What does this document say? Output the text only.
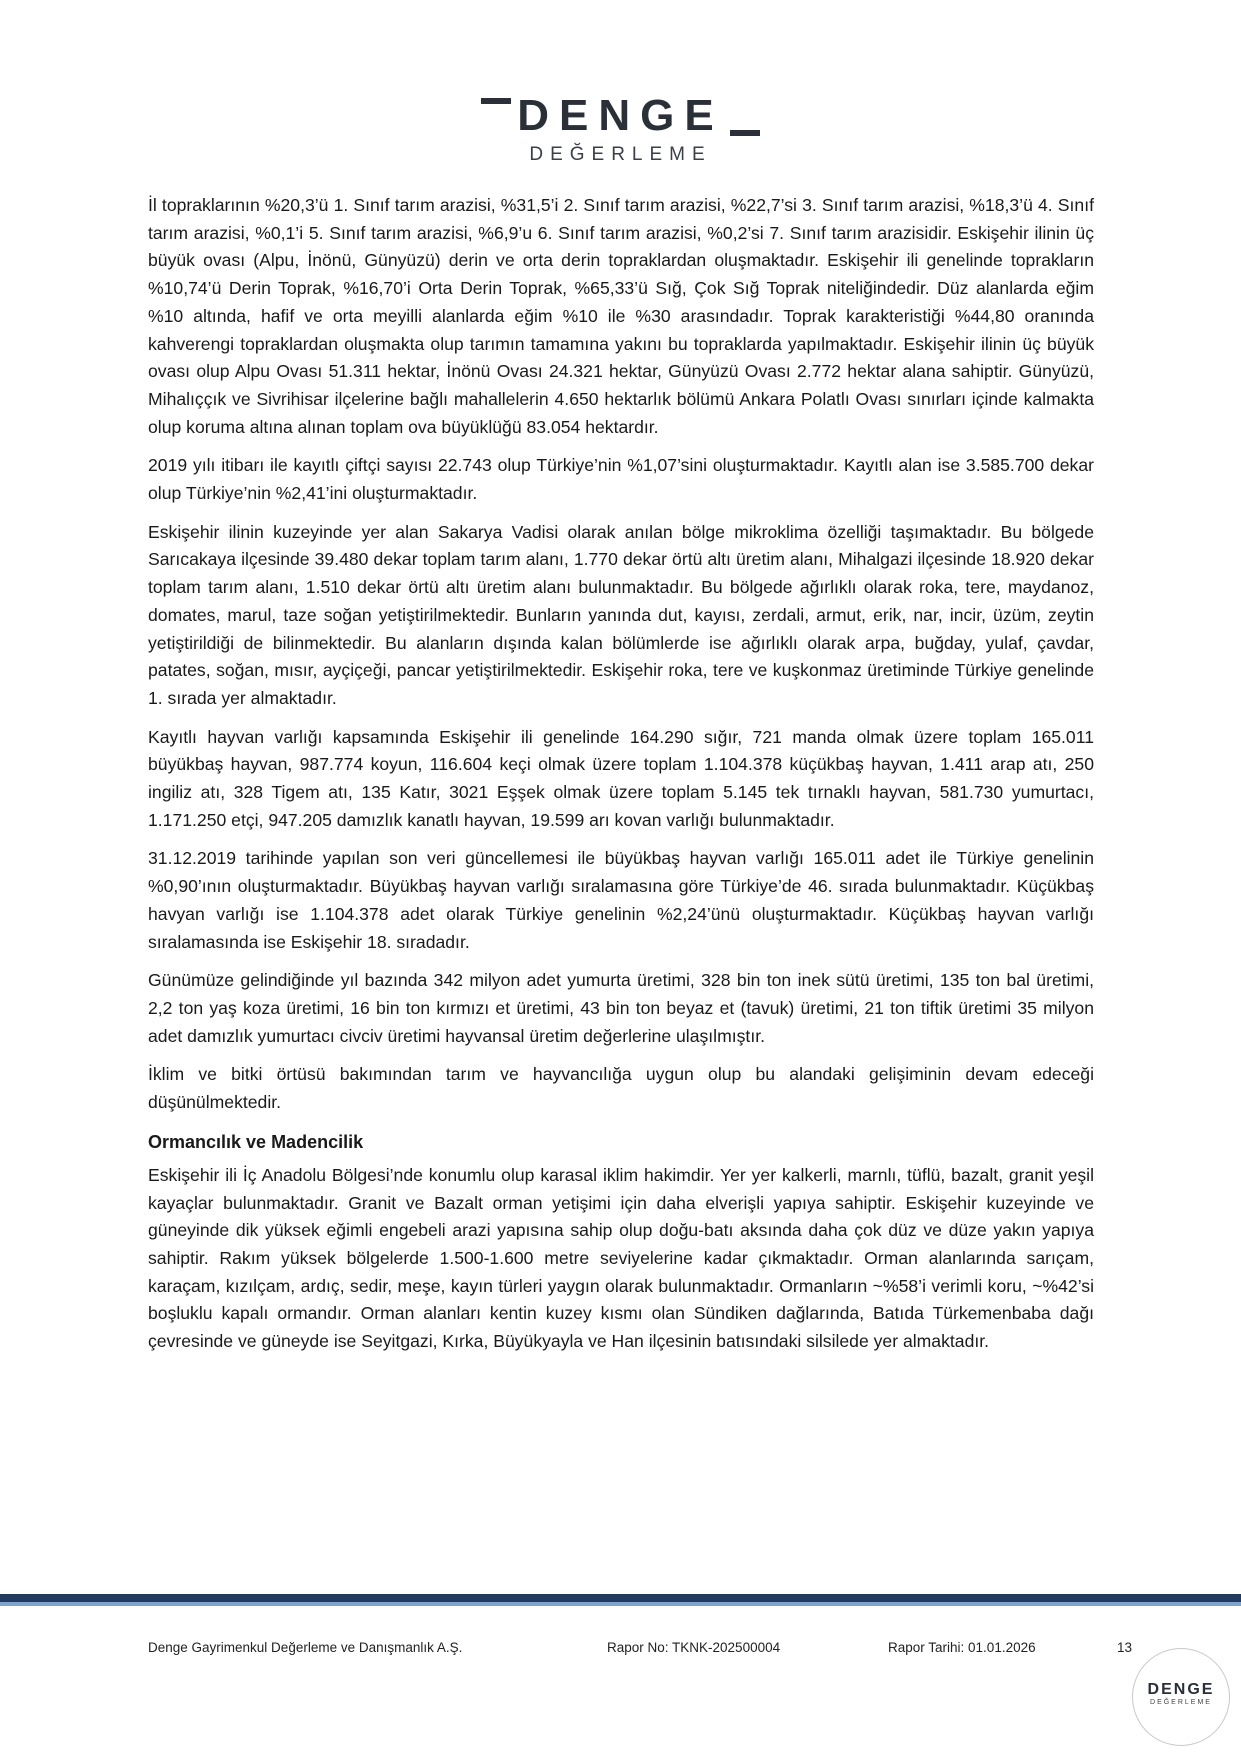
DENGE
DEĞERLEME

İl topraklarının %20,3’ü 1. Sınıf tarım arazisi, %31,5’i 2. Sınıf tarım arazisi, %22,7’si 3. Sınıf tarım arazisi, %18,3’ü 4. Sınıf tarım arazisi, %0,1’i 5. Sınıf tarım arazisi, %6,9’u 6. Sınıf tarım arazisi, %0,2’si 7. Sınıf tarım arazisidir. Eskişehir ilinin üç büyük ovası (Alpu, İnönü, Günyüzü) derin ve orta derin topraklardan oluşmaktadır. Eskişehir ili genelinde toprakların %10,74’ü Derin Toprak, %16,70’i Orta Derin Toprak, %65,33’ü Sığ, Çok Sığ Toprak niteliğindedir. Düz alanlarda eğim %10 altında, hafif ve orta meyilli alanlarda eğim %10 ile %30 arasındadır. Toprak karakteristiği %44,80 oranında kahverengi topraklardan oluşmakta olup tarımın tamamına yakını bu topraklarda yapılmaktadır. Eskişehir ilinin üç büyük ovası olup Alpu Ovası 51.311 hektar, İnönü Ovası 24.321 hektar, Günyüzü Ovası 2.772 hektar alana sahiptir. Günyüzü, Mihalıççık ve Sivrihisar ilçelerine bağlı mahallelerin 4.650 hektarlık bölümü Ankara Polatlı Ovası sınırları içinde kalmakta olup koruma altına alınan toplam ova büyüklüğü 83.054 hektardır.

2019 yılı itibarı ile kayıtlı çiftçi sayısı 22.743 olup Türkiye’nin %1,07’sini oluşturmaktadır. Kayıtlı alan ise 3.585.700 dekar olup Türkiye’nin %2,41’ini oluşturmaktadır.

Eskişehir ilinin kuzeyinde yer alan Sakarya Vadisi olarak anılan bölge mikroklima özelliği taşımaktadır. Bu bölgede Sarıcakaya ilçesinde 39.480 dekar toplam tarım alanı, 1.770 dekar örtü altı üretim alanı, Mihalgazi ilçesinde 18.920 dekar toplam tarım alanı, 1.510 dekar örtü altı üretim alanı bulunmaktadır. Bu bölgede ağırlıklı olarak roka, tere, maydanoz, domates, marul, taze soğan yetiştirilmektedir. Bunların yanında dut, kayısı, zerdali, armut, erik, nar, incir, üzüm, zeytin yetiştirildiği de bilinmektedir. Bu alanların dışında kalan bölümlerde ise ağırlıklı olarak arpa, buğday, yulaf, çavdar, patates, soğan, mısır, ayçiçeği, pancar yetiştirilmektedir. Eskişehir roka, tere ve kuşkonmaz üretiminde Türkiye genelinde 1. sırada yer almaktadır.

Kayıtlı hayvan varlığı kapsamında Eskişehir ili genelinde 164.290 sığır, 721 manda olmak üzere toplam 165.011 büyükbaş hayvan, 987.774 koyun, 116.604 keçi olmak üzere toplam 1.104.378 küçükbaş hayvan, 1.411 arap atı, 250 ingiliz atı, 328 Tigem atı, 135 Katır, 3021 Eşşek olmak üzere toplam 5.145 tek tırnaklı hayvan, 581.730 yumurtacı, 1.171.250 etçi, 947.205 damızlık kanatlı hayvan, 19.599 arı kovan varlığı bulunmaktadır.

31.12.2019 tarihinde yapılan son veri güncellemesi ile büyükbaş hayvan varlığı 165.011 adet ile Türkiye genelinin %0,90’ının oluşturmaktadır. Büyükbaş hayvan varlığı sıralamasına göre Türkiye’de 46. sırada bulunmaktadır. Küçükbaş havyan varlığı ise 1.104.378 adet olarak Türkiye genelinin %2,24’ünü oluşturmaktadır. Küçükbaş hayvan varlığı sıralamasında ise Eskişehir 18. sıradadır.

Günümüze gelindiğinde yıl bazında 342 milyon adet yumurta üretimi, 328 bin ton inek sütü üretimi, 135 ton bal üretimi, 2,2 ton yaş koza üretimi, 16 bin ton kırmızı et üretimi, 43 bin ton beyaz et (tavuk) üretimi, 21 ton tiftik üretimi 35 milyon adet damızlık yumurtacı civciv üretimi hayvansal üretim değerlerine ulaşılmıştır.

İklim ve bitki örtüsü bakımından tarım ve hayvancılığa uygun olup bu alandaki gelişiminin devam edeceği düşünülmektedir.

Ormancılık ve Madencilik

Eskişehir ili İç Anadolu Bölgesi’nde konumlu olup karasal iklim hakimdir. Yer yer kalkerli, marnlı, tüflü, bazalt, granit yeşil kayaçlar bulunmaktadır. Granit ve Bazalt orman yetişimi için daha elverişli yapıya sahiptir. Eskişehir kuzeyinde ve güneyinde dik yüksek eğimli engebeli arazi yapısına sahip olup doğu-batı aksında daha çok düz ve düze yakın yapıya sahiptir. Rakım yüksek bölgelerde 1.500-1.600 metre seviyelerine kadar çıkmaktadır. Orman alanlarında sarıçam, karaçam, kızılçam, ardıç, sedir, meşe, kayın türleri yaygın olarak bulunmaktadır. Ormanların ~%58’i verimli koru, ~%42’si boşluklu kapalı ormandır. Orman alanları kentin kuzey kısmı olan Sündiken dağlarında, Batıda Türkemenbaba dağı çevresinde ve güneyde ise Seyitgazi, Kırka, Büyükyayla ve Han ilçesinin batısındaki silsilede yer almaktadır.

Denge Gayrimenkul Değerleme ve Danışmanlık A.Ş.	Rapor No: TKNK-202500004	Rapor Tarihi: 01.01.2026	13
DENGE
DEĞERLEME
